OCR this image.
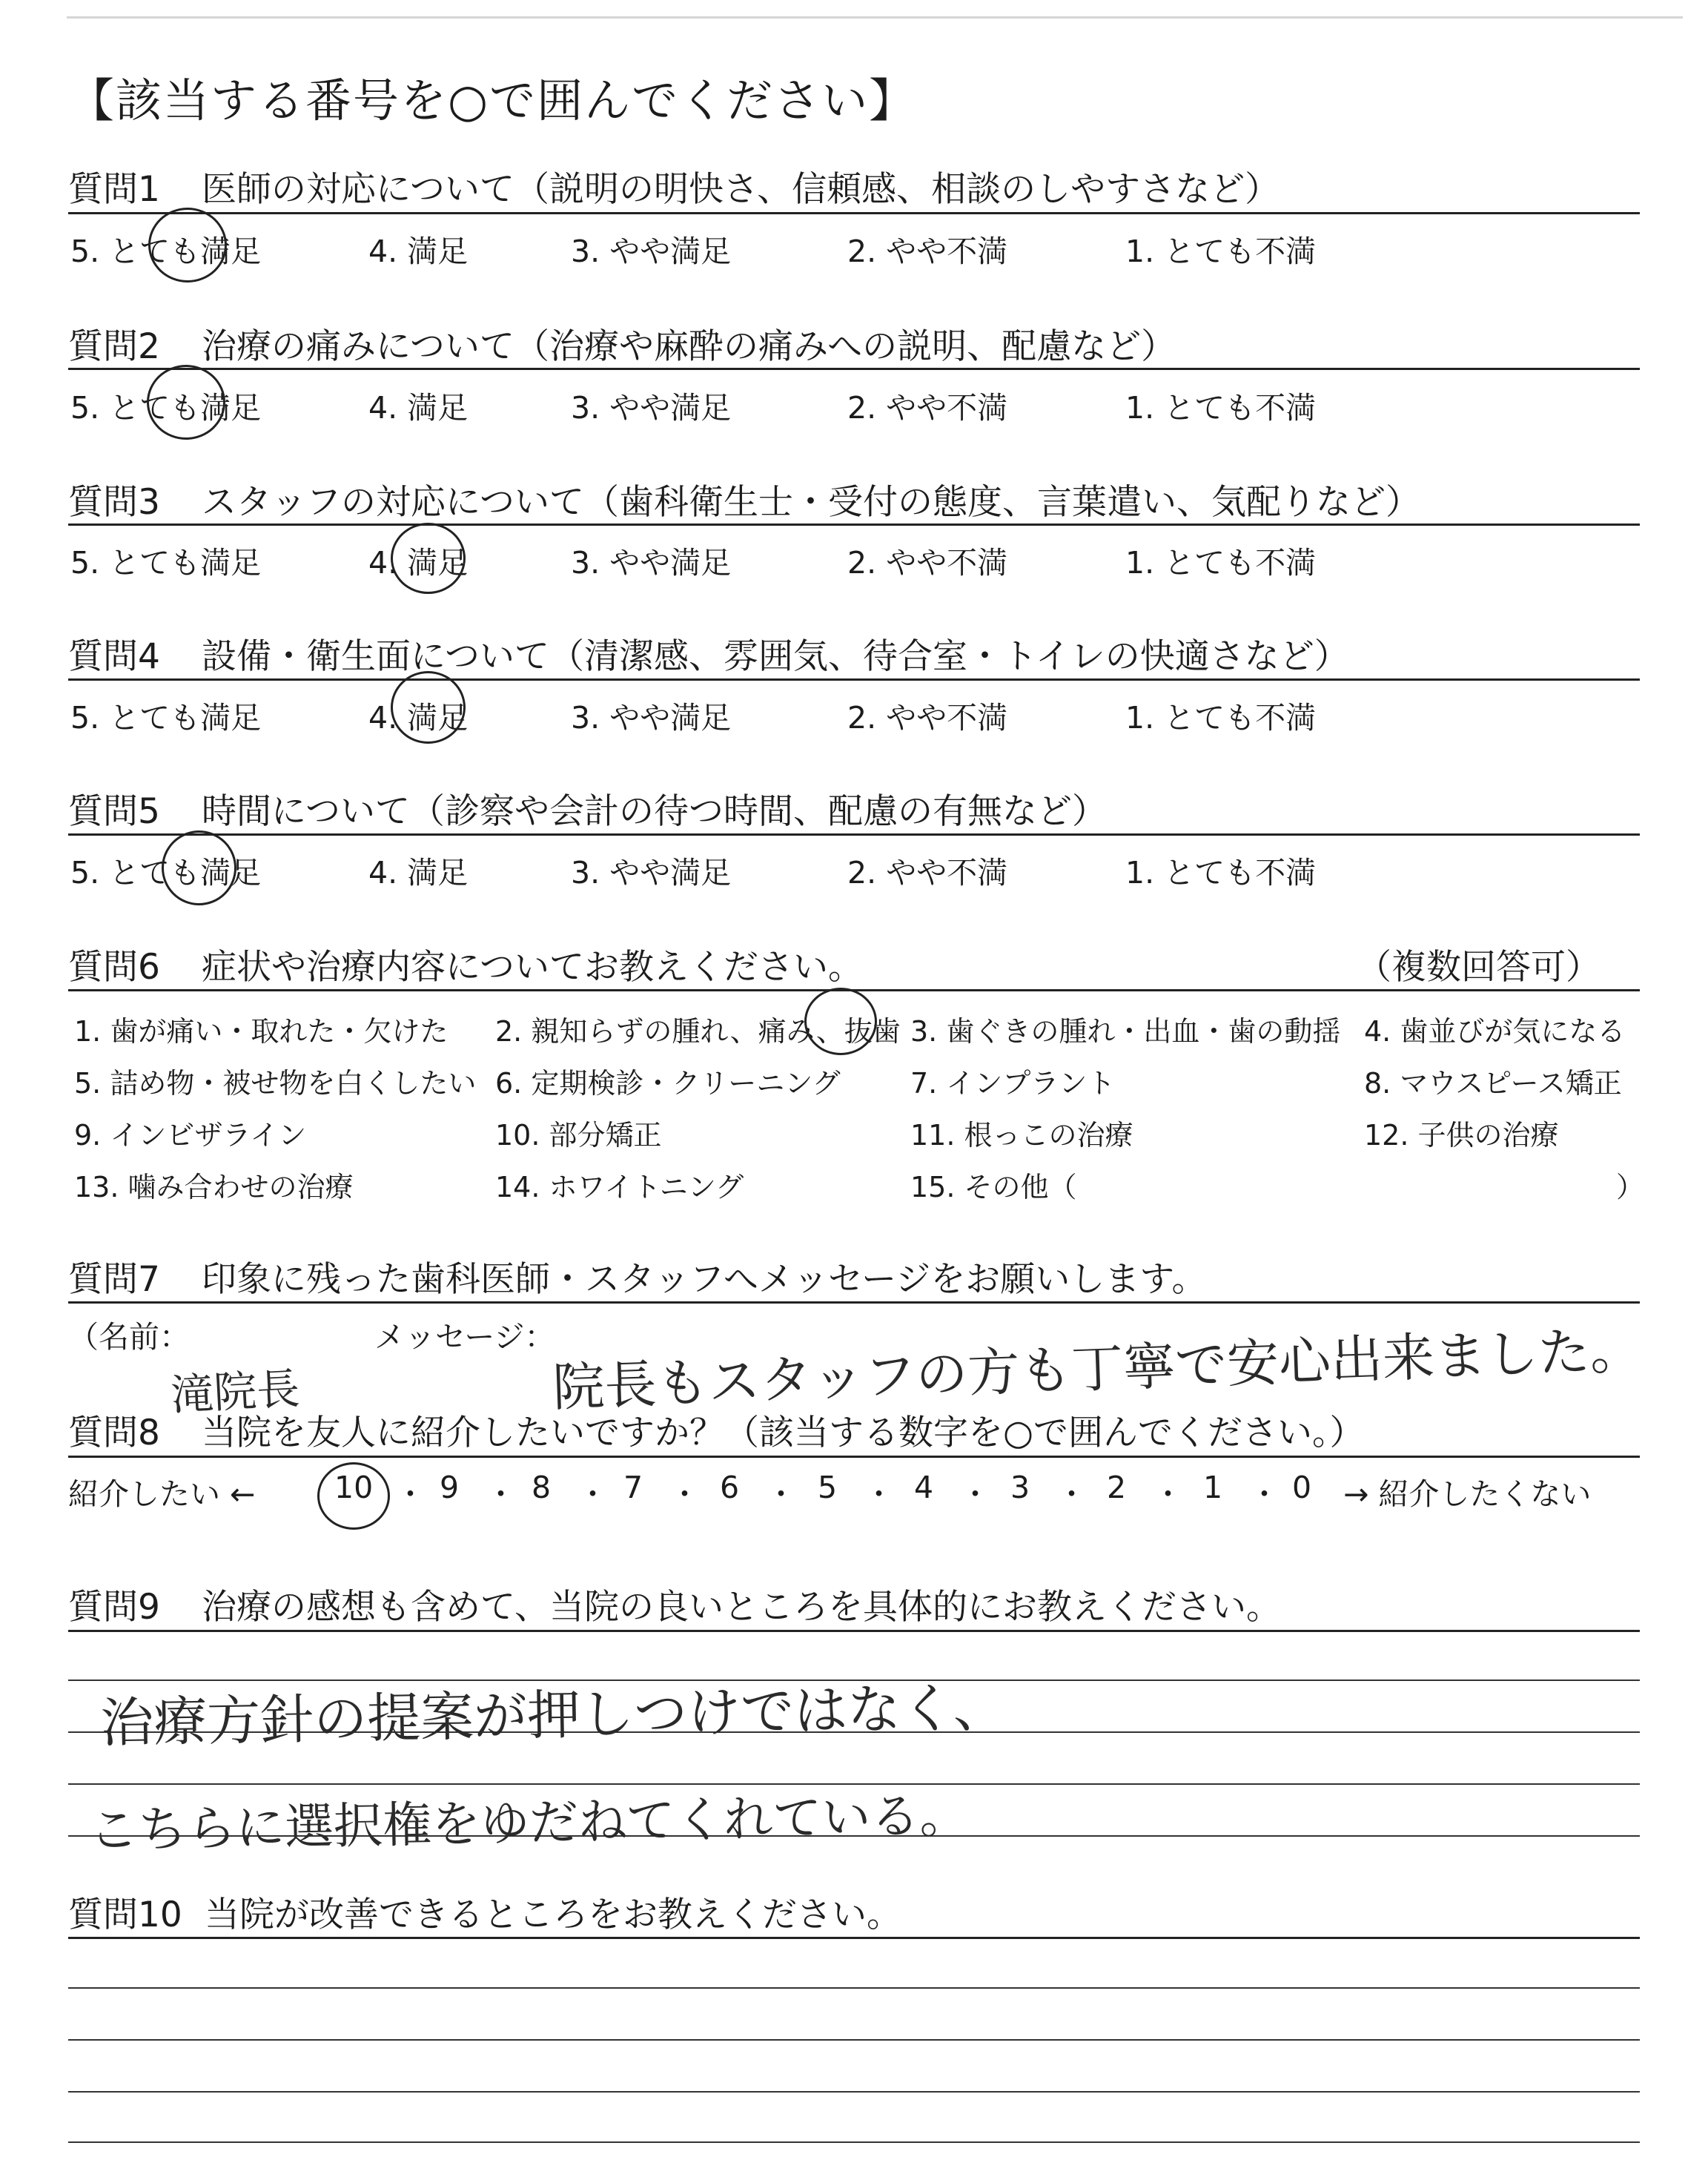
【該当する番号を○で囲んでください】
質問1 医師の対応について（説明の明快さ、信頼感、相談のしやすさなど）
5. とても満足	4. 満足	3. やや満足	2. やや不満	1. とても不満
質問2 治療の痛みについて（治療や麻酔の痛みへの説明、配慮など）
5. とても満足	4. 満足	3. やや満足	2. やや不満	1. とても不満
質問3 スタッフの対応について（歯科衛生士・受付の態度、言葉遣い、気配りなど）
5. とても満足	4. 満足	3. やや満足	2. やや不満	1. とても不満
質問4 設備・衛生面について（清潔感、雰囲気、待合室・トイレの快適さなど）
5. とても満足	4. 満足	3. やや満足	2. やや不満	1. とても不満
質問5 時間について（診察や会計の待つ時間、配慮の有無など）
5. とても満足	4. 満足	3. やや満足	2. やや不満	1. とても不満
質問6 症状や治療内容についてお教えください。	（複数回答可）
1. 歯が痛い・取れた・欠けた 2. 親知らずの腫れ、痛み、抜歯 3. 歯ぐきの腫れ・出血・歯の動揺 4. 歯並びが気になる
5. 詰め物・被せ物を白くしたい 6. 定期検診・クリーニング 7. インプラント	8. マウスピース矯正
9. インビザライン	10. 部分矯正	11. 根っこの治療	12. 子供の治療
13. 噛み合わせの治療	14. ホワイトニング	15. その他（	）
質問7 印象に残った歯科医師・スタッフへメッセージをお願いします。
（名前：	メッセージ：
滝院長	院長もスタッフの方も丁寧で安心出来ました。
質問8 当院を友人に紹介したいですか？（該当する数字を○で囲んでください。）
紹介したい ←	10 ・ 9 ・ 8 ・ 7 ・ 6 ・ 5 ・ 4 ・ 3 ・ 2 ・ 1 ・ 0 → 紹介したくない
質問9 治療の感想も含めて、当院の良いところを具体的にお教えください。
治療方針の提案が押しつけではなく、
こちらに選択権をゆだねてくれている。
質問10 当院が改善できるところをお教えください。
